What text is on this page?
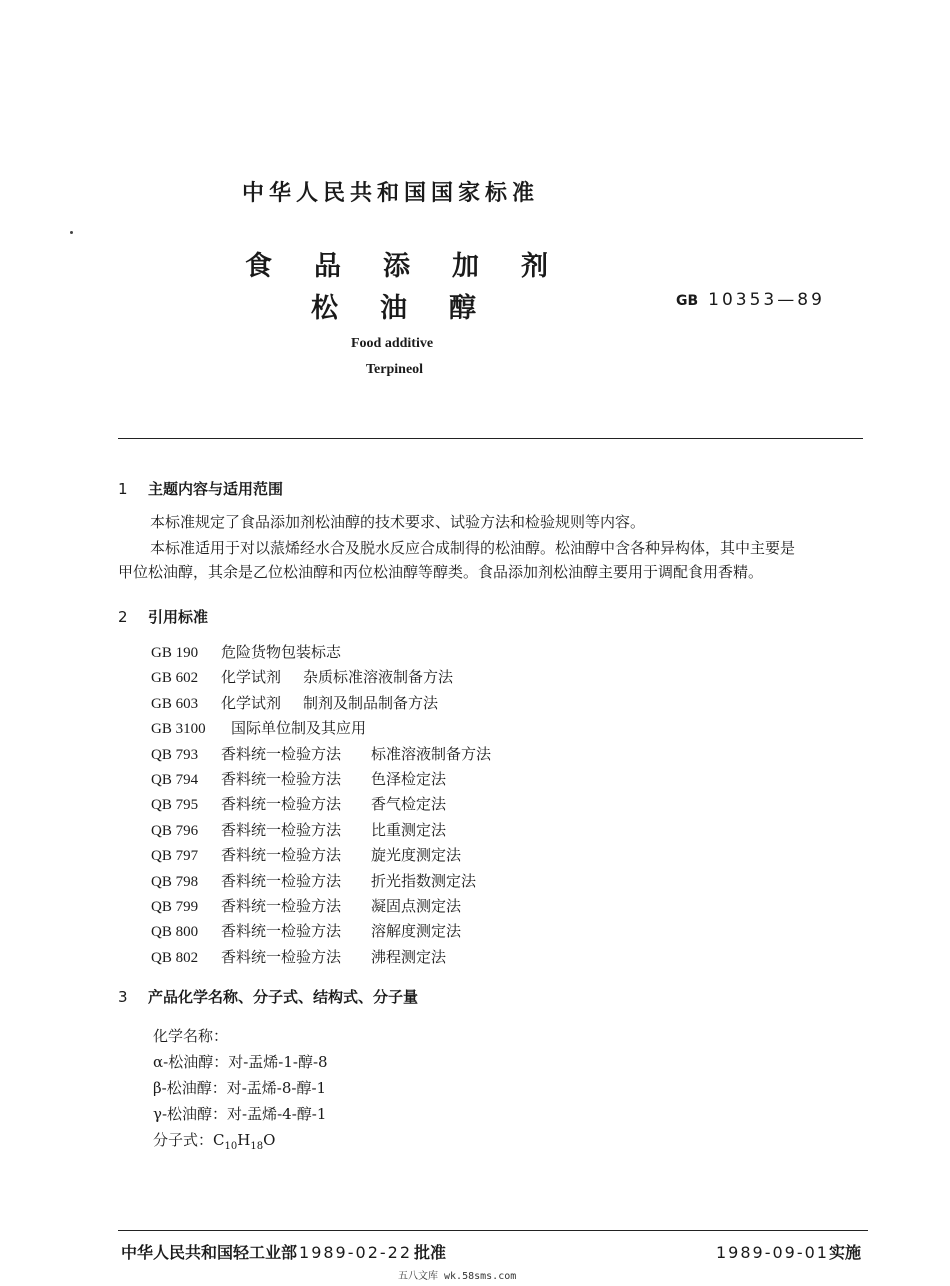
中华人民共和国国家标准
食 品 添 加 剂
松 油 醇	GB 10353—89
Food additive
Terpineol
1 主题内容与适用范围
本标准规定了食品添加剂松油醇的技术要求、试验方法和检验规则等内容。
本标准适用于对以蒎烯经水合及脱水反应合成制得的松油醇。松油醇中含各种异构体，其中主要是
甲位松油醇，其余是乙位松油醇和丙位松油醇等醇类。食品添加剂松油醇主要用于调配食用香精。
2 引用标准
GB 190 危险货物包装标志
GB 602 化学试剂 杂质标准溶液制备方法
GB 603 化学试剂 制剂及制品制备方法
GB 3100 国际单位制及其应用
QB 793 香料统一检验方法 标准溶液制备方法
QB 794 香料统一检验方法 色泽检定法
QB 795 香料统一检验方法 香气检定法
QB 796 香料统一检验方法 比重测定法
QB 797 香料统一检验方法 旋光度测定法
QB 798 香料统一检验方法 折光指数测定法
QB 799 香料统一检验方法 凝固点测定法
QB 800 香料统一检验方法 溶解度测定法
QB 802 香料统一检验方法 沸程测定法
3 产品化学名称、分子式、结构式、分子量
化学名称：
α-松油醇：对-盂烯-1-醇-8
β-松油醇：对-盂烯-8-醇-1
γ-松油醇：对-盂烯-4-醇-1
分子式：$C_{10}H_{18}O$
中华人民共和国轻工业部 1989-02-22 批准	1989-09-01实施
五八文库 wk.58sms.com
